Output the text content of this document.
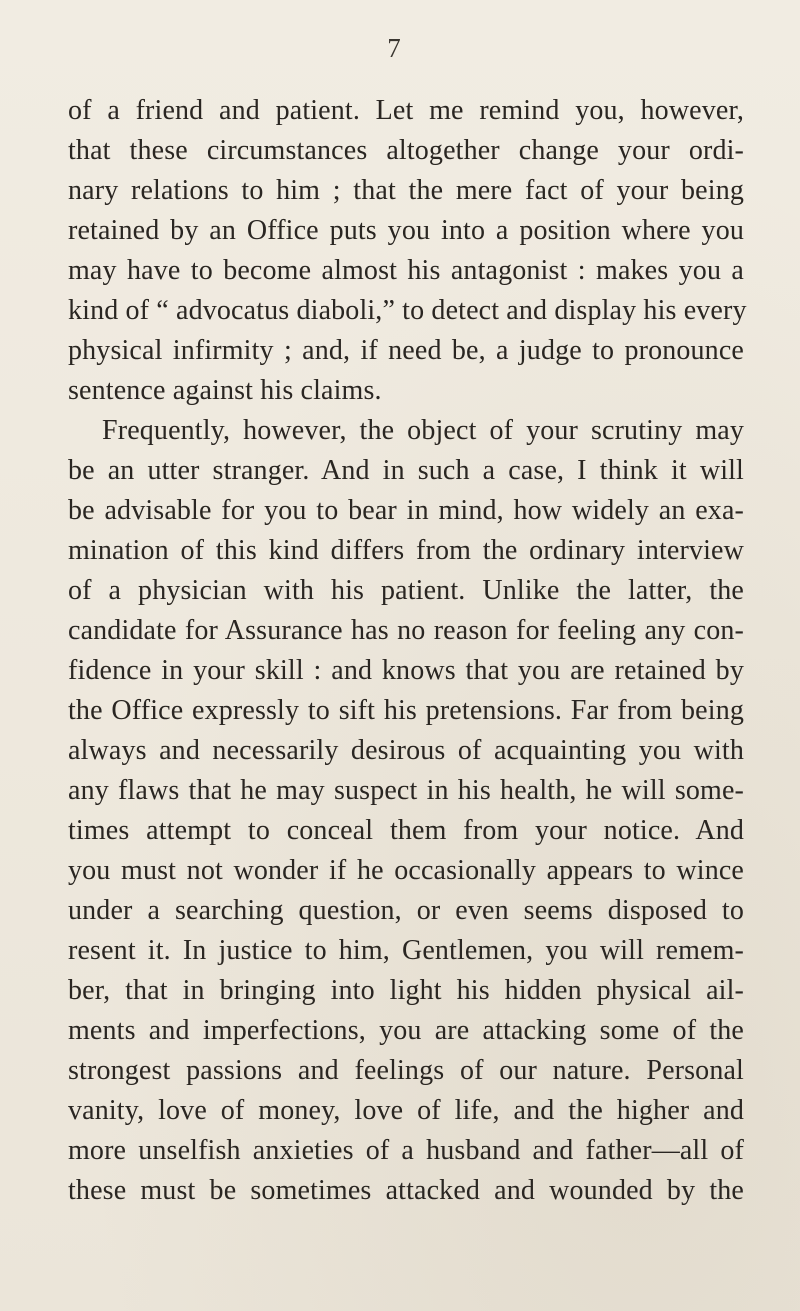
7
of a friend and patient. Let me remind you, however,
that these circumstances altogether change your ordi-
nary relations to him ; that the mere fact of your being
retained by an Office puts you into a position where you
may have to become almost his antagonist : makes you a
kind of “ advocatus diaboli,” to detect and display his every
physical infirmity ; and, if need be, a judge to pronounce
sentence against his claims.
Frequently, however, the object of your scrutiny may
be an utter stranger. And in such a case, I think it will
be advisable for you to bear in mind, how widely an exa-
mination of this kind differs from the ordinary interview
of a physician with his patient. Unlike the latter, the
candidate for Assurance has no reason for feeling any con-
fidence in your skill : and knows that you are retained by
the Office expressly to sift his pretensions. Far from being
always and necessarily desirous of acquainting you with
any flaws that he may suspect in his health, he will some-
times attempt to conceal them from your notice. And
you must not wonder if he occasionally appears to wince
under a searching question, or even seems disposed to
resent it. In justice to him, Gentlemen, you will remem-
ber, that in bringing into light his hidden physical ail-
ments and imperfections, you are attacking some of the
strongest passions and feelings of our nature. Personal
vanity, love of money, love of life, and the higher and
more unselfish anxieties of a husband and father—all of
these must be sometimes attacked and wounded by the
